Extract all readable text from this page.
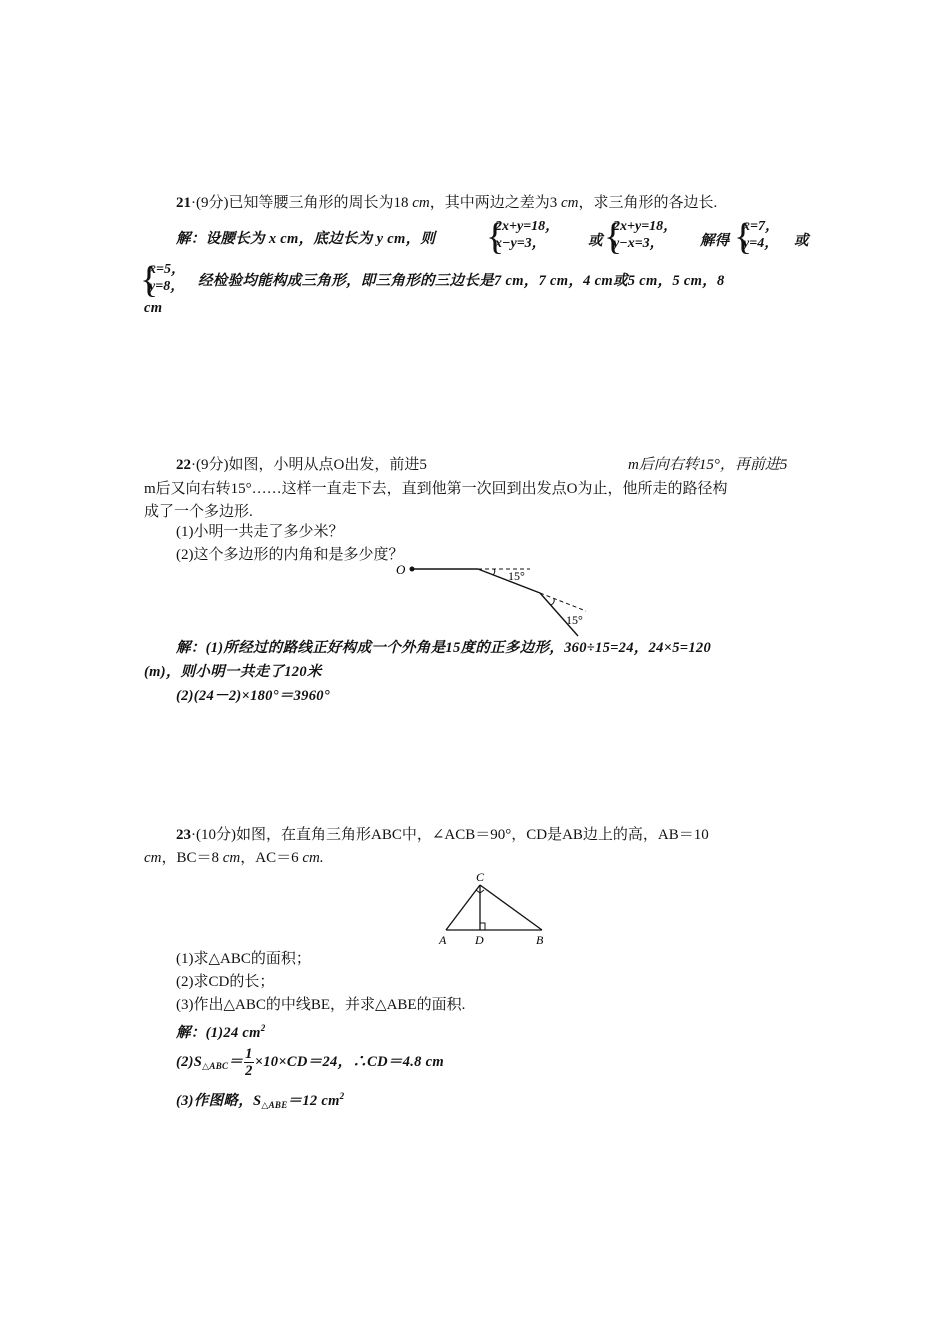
21·(9分)已知等腰三角形的周长为18 cm，其中两边之差为3 cm，求三角形的各边长.
解：设腰长为 x cm，底边长为 y cm，则 {
2x+y=18，
x−y=3，	或 {
2x+y=18，
y−x=3，	解得 {
x=7，
y=4， 或
{
x=5，
y=8， 经检验均能构成三角形，即三角形的三边长是7 cm，7 cm，4 cm或5 cm，5 cm，8
cm
22·(9分)如图，小明从点O出发，前进5	m后向右转15°，再前进5
m后又向右转15°……这样一直走下去，直到他第一次回到出发点O为止，他所走的路径构
成了一个多边形.
(1)小明一共走了多少米？
(2)这个多边形的内角和是多少度？
O	15°
15°
解：(1)所经过的路线正好构成一个外角是15度的正多边形，360÷15=24，24×5=120
(m)，则小明一共走了120米
(2)(24－2)×180°＝3960°
23·(10分)如图，在直角三角形ABC中，∠ACB＝90°，CD是AB边上的高，AB＝10
cm，BC＝8 cm，AC＝6 cm.
C
A D	B
(1)求△ABC的面积；
(2)求CD的长；
(3)作出△ABC的中线BE，并求△ABE的面积.
解：(1)24 $cm^2$
$(2)S_{\triangle ABC}= \frac{1}{2} \times 10\times CD=24$，∴CD＝4.8 cm
(3)作图略，$S_{\triangle ABE}=12$ $cm^2$
